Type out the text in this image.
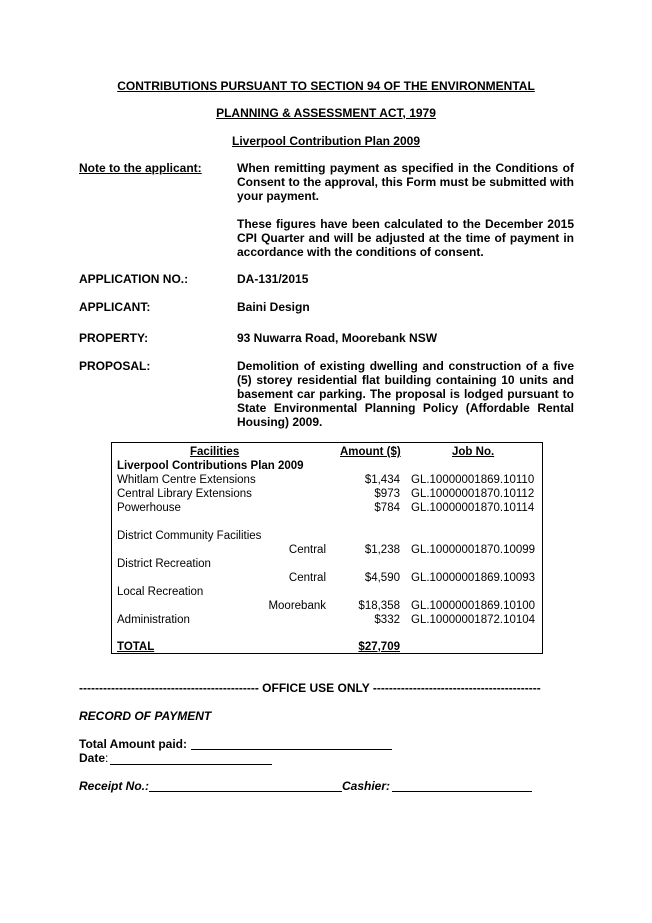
CONTRIBUTIONS PURSUANT TO SECTION 94 OF THE ENVIRONMENTAL
PLANNING & ASSESSMENT ACT, 1979
Liverpool Contribution Plan 2009
Note to the applicant:	When remitting payment as specified in the Conditions of Consent to the approval, this Form must be submitted with your payment.
These figures have been calculated to the December 2015 CPI Quarter and will be adjusted at the time of payment in accordance with the conditions of consent.
APPLICATION NO.:	DA-131/2015
APPLICANT:	Baini Design
PROPERTY:	93 Nuwarra Road, Moorebank NSW
PROPOSAL:	Demolition of existing dwelling and construction of a five (5) storey residential flat building containing 10 units and basement car parking. The proposal is lodged pursuant to State Environmental Planning Policy (Affordable Rental Housing) 2009.
Facilities	Amount ($)	Job No.
Liverpool Contributions Plan 2009
Whitlam Centre Extensions	$1,434 GL.10000001869.10110
Central Library Extensions	$973 GL.10000001870.10112
Powerhouse	$784 GL.10000001870.10114
District Community Facilities
Central	$1,238 GL.10000001870.10099
District Recreation
Central	$4,590 GL.10000001869.10093
Local Recreation
Moorebank	$18,358 GL.10000001869.10100
Administration	$332 GL.10000001872.10104
TOTAL	$27,709
--------------------------------------------- OFFICE USE ONLY ------------------------------------------
RECORD OF PAYMENT
Total Amount paid:
Date:
Receipt No.:	Cashier:
